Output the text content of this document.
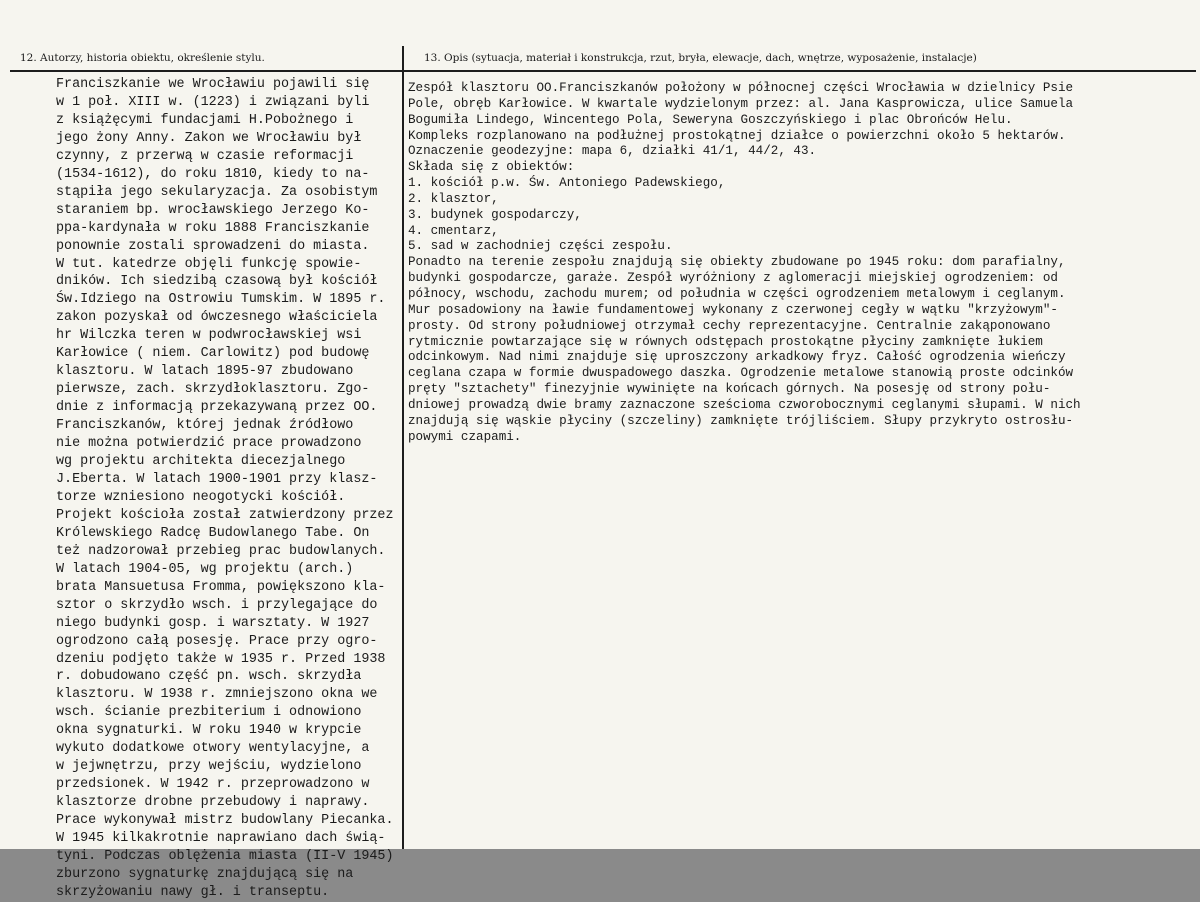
12. Autorzy, historia obiektu, określenie stylu.	13. Opis (sytuacja, materiał i konstrukcja, rzut, bryła, elewacje, dach, wnętrze, wyposażenie, instalacje)
Franciszkanie we Wrocławiu pojawili się
w 1 poł. XIII w. (1223) i związani byli
z książęcymi fundacjami H.Pobożnego i
jego żony Anny. Zakon we Wrocławiu był
czynny, z przerwą w czasie reformacji
(1534-1612), do roku 1810, kiedy to na-
stąpiła jego sekularyzacja. Za osobistym
staraniem bp. wrocławskiego Jerzego Ko-
ppa-kardynała w roku 1888 Franciszkanie
ponownie zostali sprowadzeni do miasta.
W tut. katedrze objęli funkcję spowie-
dników. Ich siedzibą czasową był kościół
Św.Idziego na Ostrowiu Tumskim. W 1895 r.
zakon pozyskał od ówczesnego właściciela
hr Wilczka teren w podwrocławskiej wsi
Karłowice ( niem. Carlowitz) pod budowę
klasztoru. W latach 1895-97 zbudowano
pierwsze, zach. skrzydłoklasztoru. Zgo-
dnie z informacją przekazywaną przez OO.
Franciszkanów, której jednak źródłowo
nie można potwierdzić prace prowadzono
wg projektu architekta diecezjalnego
J.Eberta. W latach 1900-1901 przy klasz-
torze wzniesiono neogotycki kościół.
Projekt kościoła został zatwierdzony przez
Królewskiego Radcę Budowlanego Tabe. On
też nadzorował przebieg prac budowlanych.
W latach 1904-05, wg projektu (arch.)
brata Mansuetusa Fromma, powiększono kla-
sztor o skrzydło wsch. i przylegające do
niego budynki gosp. i warsztaty. W 1927
ogrodzono całą posesję. Prace przy ogro-
dzeniu podjęto także w 1935 r. Przed 1938
r. dobudowano część pn. wsch. skrzydła
klasztoru. W 1938 r. zmniejszono okna we
wsch. ścianie prezbiterium i odnowiono
okna sygnaturki. W roku 1940 w krypcie
wykuto dodatkowe otwory wentylacyjne, a
w jejwnętrzu, przy wejściu, wydzielono
przedsionek. W 1942 r. przeprowadzono w
klasztorze drobne przebudowy i naprawy.
Prace wykonywał mistrz budowlany Piecanka.
W 1945 kilkakrotnie naprawiano dach świą-
tyni. Podczas oblężenia miasta (II-V 1945)
zburzono sygnaturkę znajdującą się na
skrzyżowaniu nawy gł. i transeptu.
Zespół klasztoru OO.Franciszkanów położony w północnej części Wrocławia w dzielnicy Psie
Pole, obręb Karłowice. W kwartale wydzielonym przez: al. Jana Kasprowicza, ulice Samuela
Bogumiła Lindego, Wincentego Pola, Seweryna Goszczyńskiego i plac Obrońców Helu.
Kompleks rozplanowano na podłużnej prostokątnej działce o powierzchni około 5 hektarów.
Oznaczenie geodezyjne: mapa 6, działki 41/1, 44/2, 43.
Składa się z obiektów:
1. kościół p.w. Św. Antoniego Padewskiego,
2. klasztor,
3. budynek gospodarczy,
4. cmentarz,
5. sad w zachodniej części zespołu.
Ponadto na terenie zespołu znajdują się obiekty zbudowane po 1945 roku: dom parafialny,
budynki gospodarcze, garaże. Zespół wyróżniony z aglomeracji miejskiej ogrodzeniem: od
północy, wschodu, zachodu murem; od południa w części ogrodzeniem metalowym i ceglanym.
Mur posadowiony na ławie fundamentowej wykonany z czerwonej cegły w wątku "krzyżowym"-
prosty. Od strony południowej otrzymał cechy reprezentacyjne. Centralnie zakąponowano
rytmicznie powtarzające się w równych odstępach prostokątne płyciny zamknięte łukiem
odcinkowym. Nad nimi znajduje się uproszczony arkadkowy fryz. Całość ogrodzenia wieńczy
ceglana czapa w formie dwuspadowego daszka. Ogrodzenie metalowe stanowią proste odcinków
pręty "sztachety" finezyjnie wywinięte na końcach górnych. Na posesję od strony połu-
dniowej prowadzą dwie bramy zaznaczone sześcioma czworobocznymi ceglanymi słupami. W nich
znajdują się wąskie płyciny (szczeliny) zamknięte trójliściem. Słupy przykryto ostrosłu-
powymi czapami.
